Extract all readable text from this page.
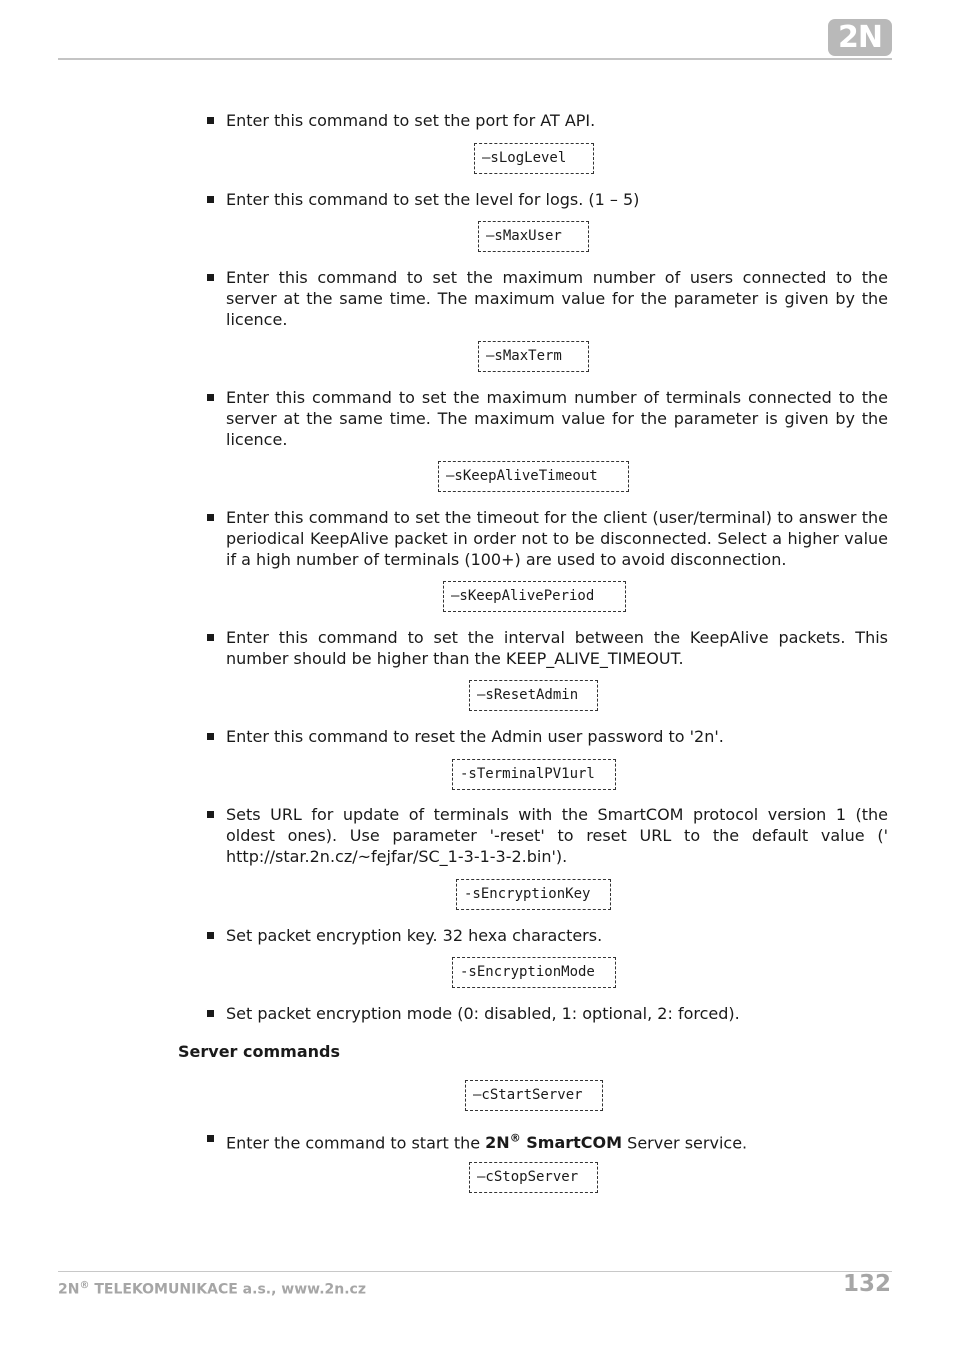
2N
Enter this command to set the port for AT API.
–sLogLevel
Enter this command to set the level for logs. (1 – 5)
–sMaxUser
Enter this command to set the maximum number of users connected to the server at the same time. The maximum value for the parameter is given by the licence.
–sMaxTerm
Enter this command to set the maximum number of terminals connected to the server at the same time. The maximum value for the parameter is given by the licence.
–sKeepAliveTimeout
Enter this command to set the timeout for the client (user/terminal) to answer the periodical KeepAlive packet in order not to be disconnected. Select a higher value if a high number of terminals (100+) are used to avoid disconnection.
–sKeepAlivePeriod
Enter this command to set the interval between the KeepAlive packets. This number should be higher than the KEEP_ALIVE_TIMEOUT.
–sResetAdmin
Enter this command to reset the Admin user password to '2n'.
-sTerminalPV1url
Sets URL for update of terminals with the SmartCOM protocol version 1 (the oldest ones). Use parameter '-reset' to reset URL to the default value (' http://star.2n.cz/~fejfar/SC_1-3-1-3-2.bin').
-sEncryptionKey
Set packet encryption key. 32 hexa characters.
-sEncryptionMode
Set packet encryption mode (0: disabled, 1: optional, 2: forced).
Server commands
–cStartServer
Enter the command to start the 2N® SmartCOM Server service.
–cStopServer
2N® TELEKOMUNIKACE a.s., www.2n.cz	132
